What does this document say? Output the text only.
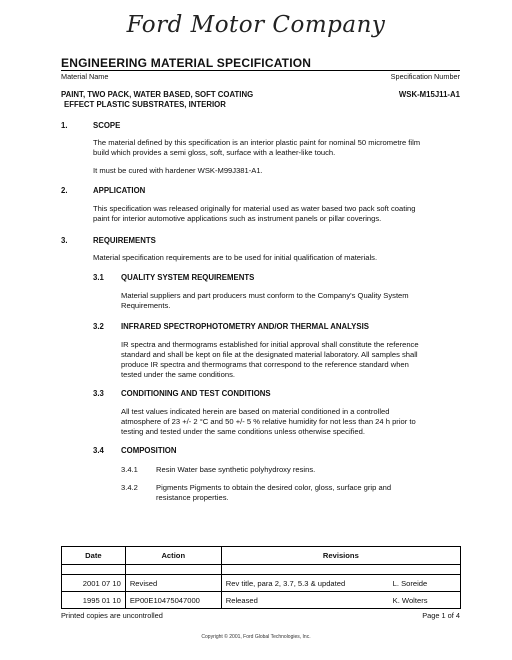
Ford Motor Company
ENGINEERING MATERIAL SPECIFICATION
Material Name	Specification Number
PAINT, TWO PACK, WATER BASED, SOFT COATING
EFFECT PLASTIC SUBSTRATES, INTERIOR
WSK-M15J11-A1
1.	SCOPE
The material defined by this specification is an interior plastic paint for nominal 50 micrometre film
build which provides a semi gloss, soft, surface with a leather-like touch.
It must be cured with hardener WSK-M99J381-A1.
2.	APPLICATION
This specification was released originally for material used as water based two pack soft coating
paint for interior automotive applications such as instrument panels or pillar coverings.
3.	REQUIREMENTS
Material specification requirements are to be used for initial qualification of materials.
3.1 QUALITY SYSTEM REQUIREMENTS
Material suppliers and part producers must conform to the Company's Quality System
Requirements.
3.2 INFRARED SPECTROPHOTOMETRY AND/OR THERMAL ANALYSIS
IR spectra and thermograms established for initial approval shall constitute the reference
standard and shall be kept on file at the designated material laboratory. All samples shall
produce IR spectra and thermograms that correspond to the reference standard when
tested under the same conditions.
3.3 CONDITIONING AND TEST CONDITIONS
All test values indicated herein are based on material conditioned in a controlled
atmosphere of 23 +/- 2 °C and 50 +/- 5 % relative humidity for not less than 24 h prior to
testing and tested under the same conditions unless otherwise specified.
3.4 COMPOSITION
3.4.1 Resin Water base synthetic polyhydroxy resins.
3.4.2 Pigments Pigments to obtain the desired color, gloss, surface grip and
resistance properties.
Date	Action	Revisions	

2001 07 10	Revised	Rev title, para 2, 3.7, 5.3 & updated	L. Soreide
1995 01 10	EP00E10475047000	Released	K. Wolters
Printed copies are uncontrolled	Page 1 of 4
Copyright © 2001, Ford Global Technologies, Inc.
